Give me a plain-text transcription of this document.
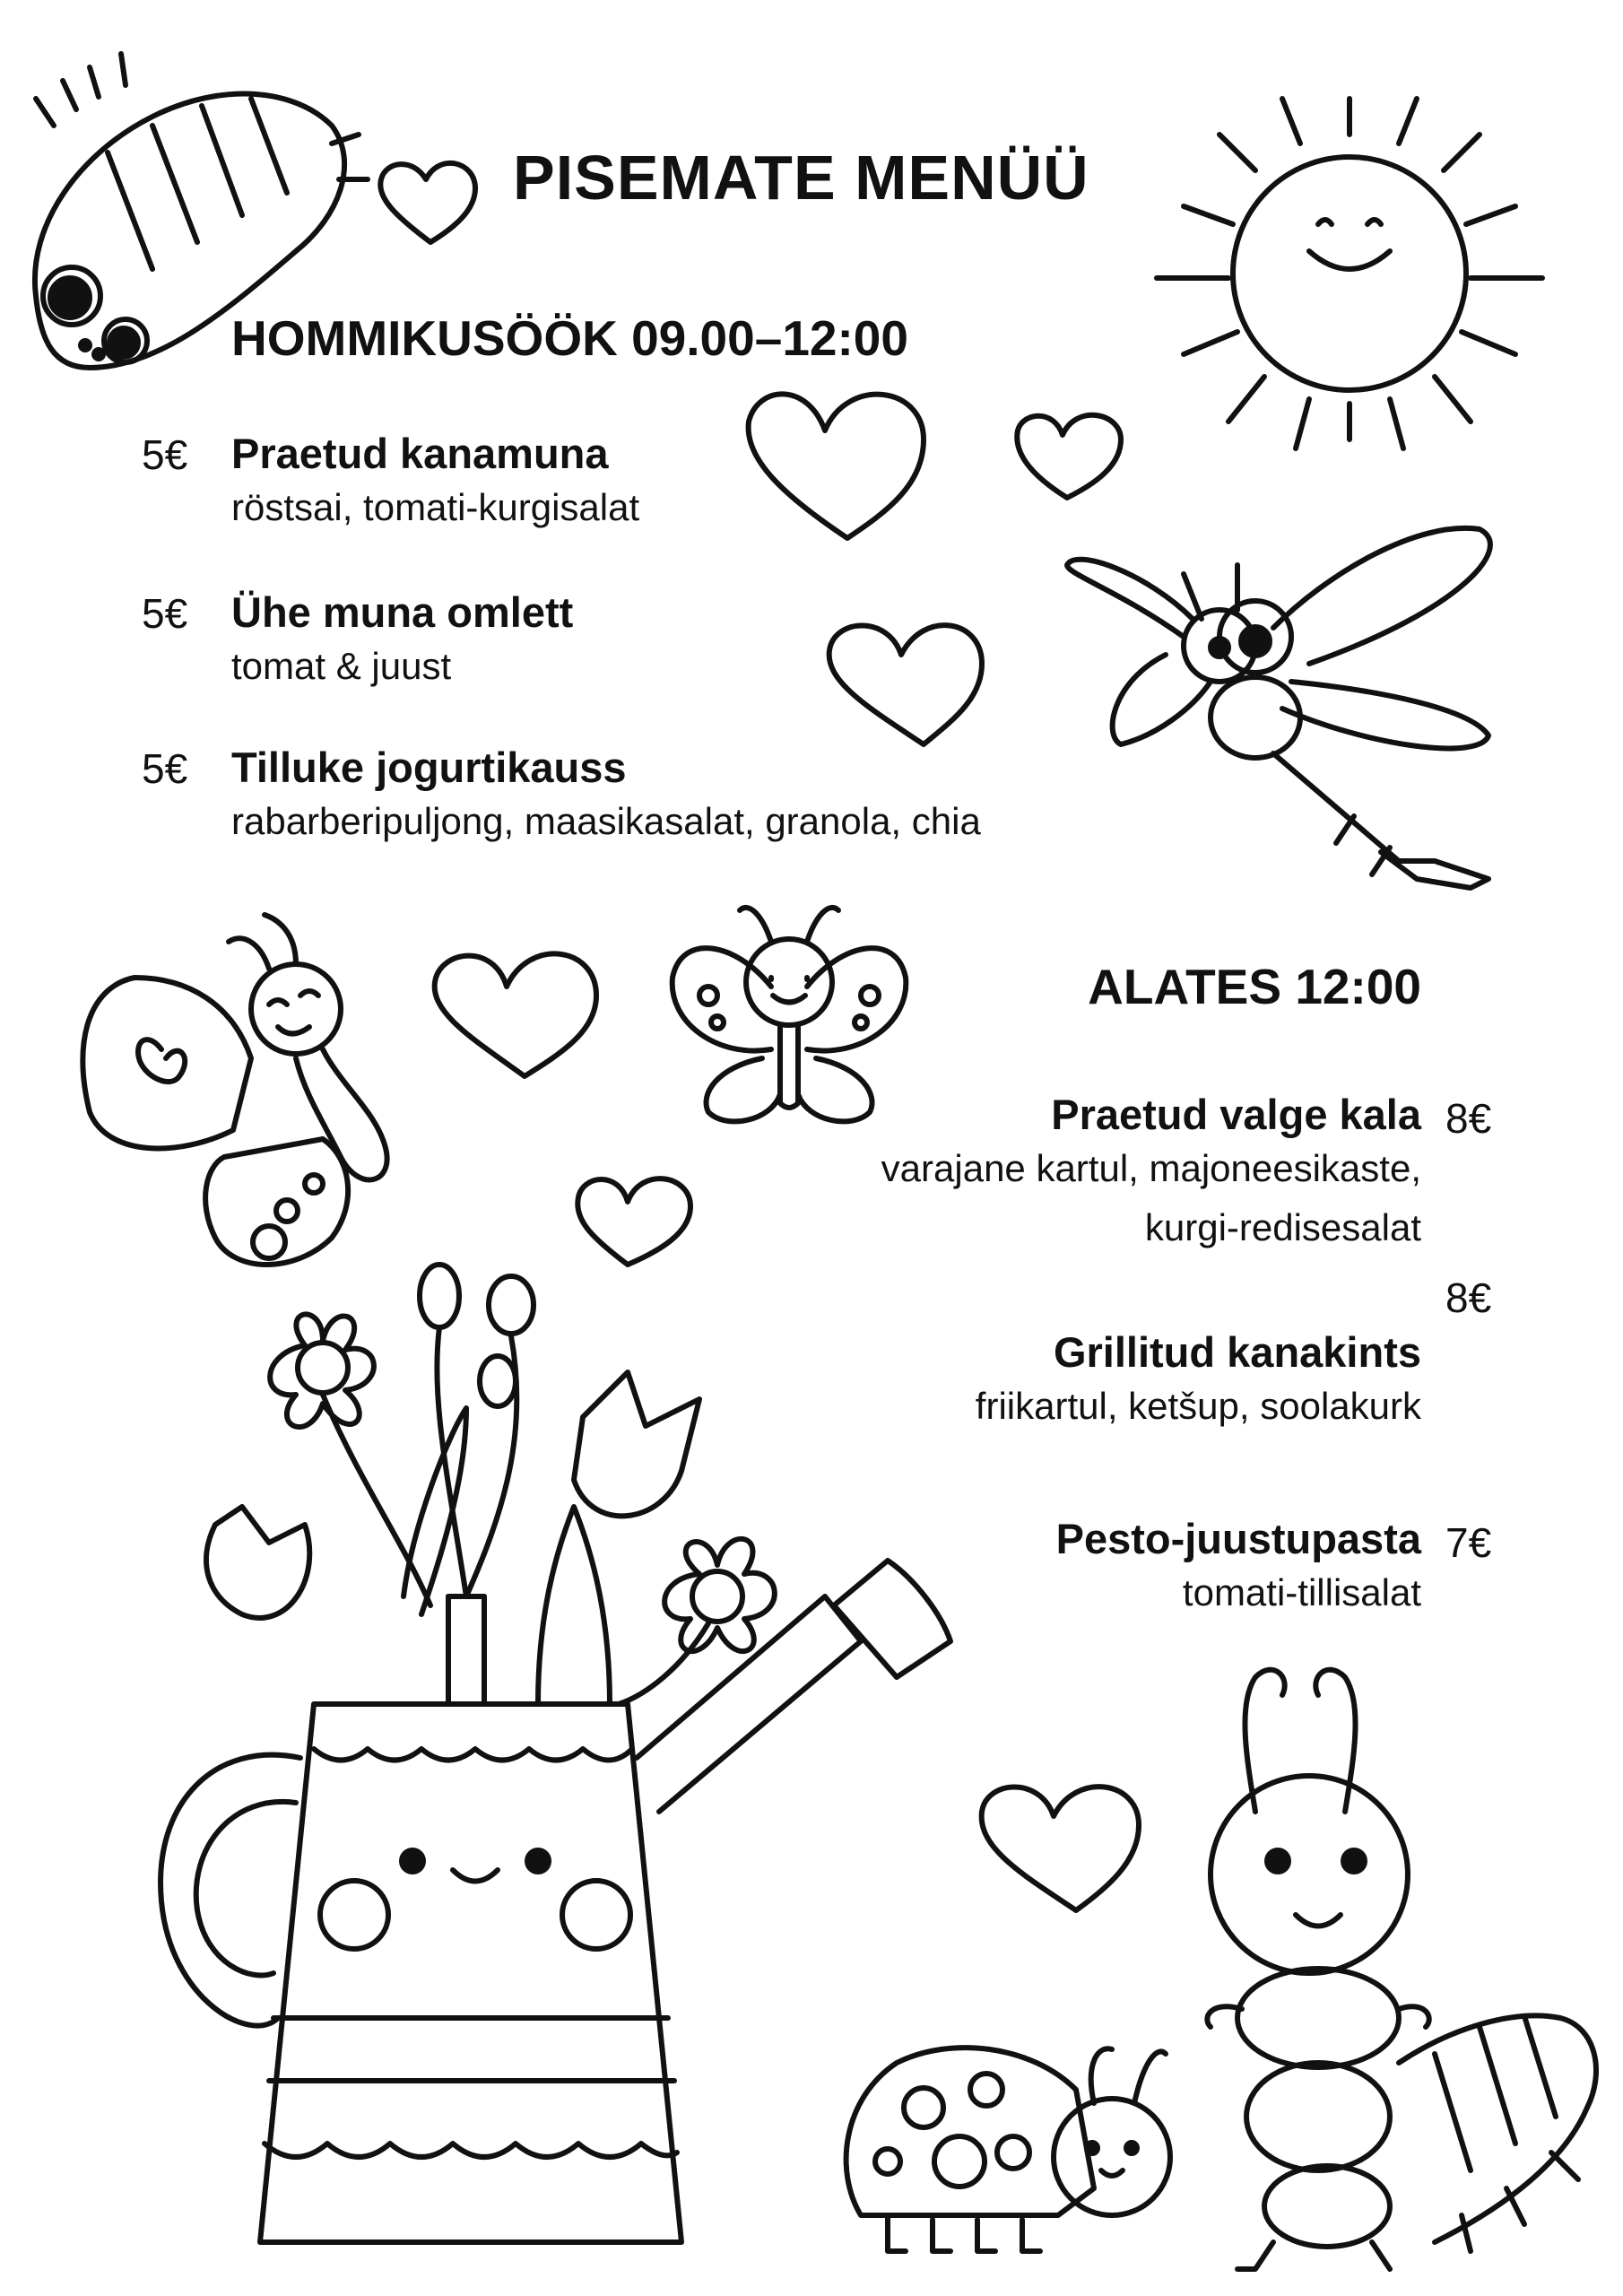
PISEMATE MENÜÜ
HOMMIKUSÖÖK 09.00–12:00
5€ Praetud kanamuna
röstsai, tomati-kurgisalat
5€ Ühe muna omlett
tomat & juust
5€ Tilluke jogurtikauss
rabarberipuljong, maasikasalat, granola, chia
ALATES 12:00
Praetud valge kala
varajane kartul, majoneesikaste,
kurgi-redisesalat
8€
8€
Grillitud kanakints
friikartul, ketšup, soolakurk
Pesto-juustupasta
tomati-tillisalat
7€
